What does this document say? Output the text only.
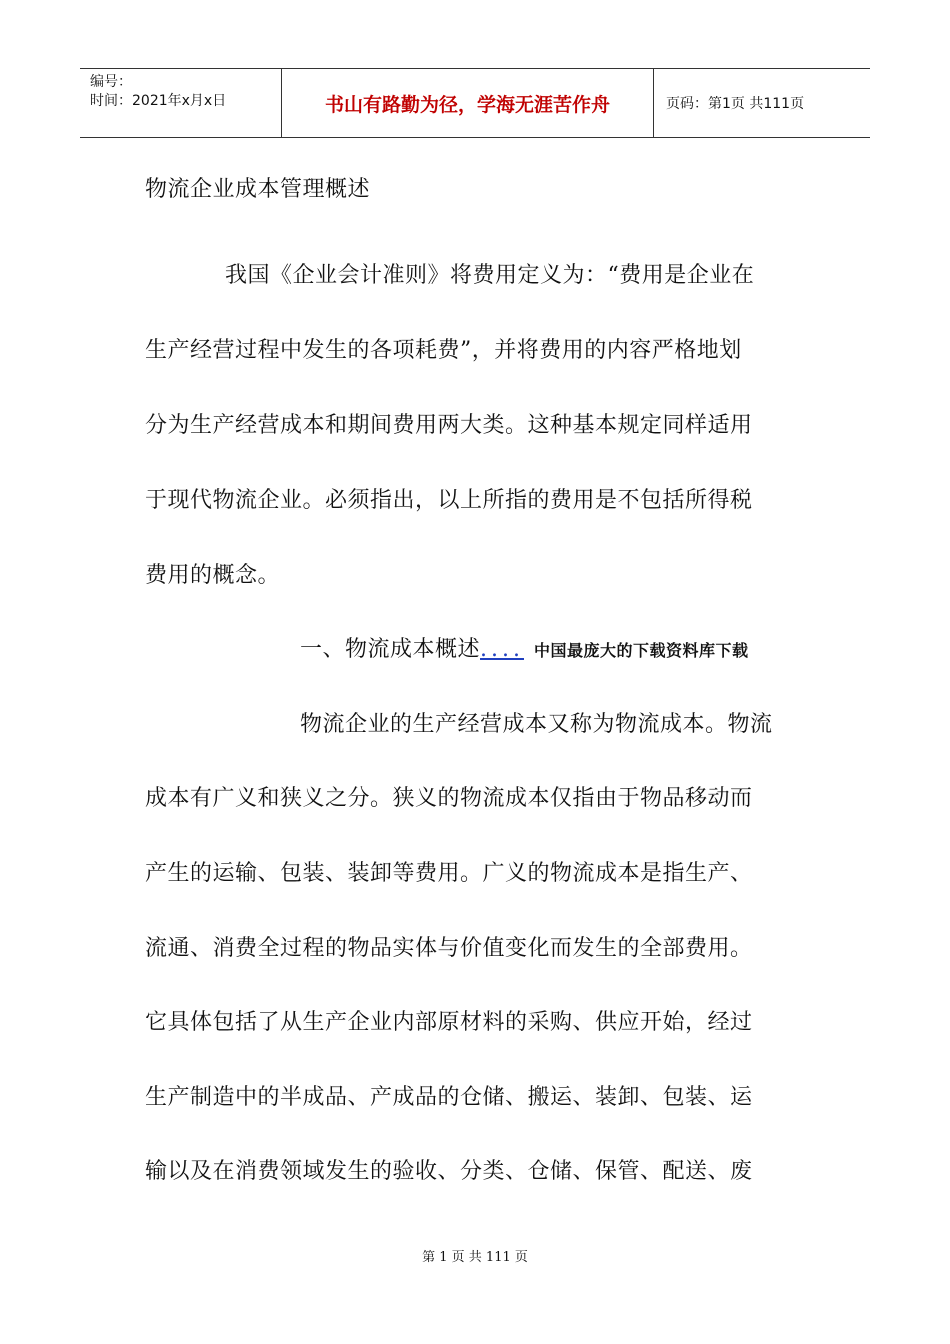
编号：
时间：2021年x月x日	书山有路勤为径，学海无涯苦作舟	页码：第1页 共111页
物流企业成本管理概述
我国《企业会计准则》将费用定义为：“费用是企业在
生产经营过程中发生的各项耗费”，并将费用的内容严格地划
分为生产经营成本和期间费用两大类。这种基本规定同样适用
于现代物流企业。必须指出，以上所指的费用是不包括所得税
费用的概念。
一、物流成本概述.... 中国最庞大的下载资料库下载
物流企业的生产经营成本又称为物流成本。物流
成本有广义和狭义之分。狭义的物流成本仅指由于物品移动而
产生的运输、包装、装卸等费用。广义的物流成本是指生产、
流通、消费全过程的物品实体与价值变化而发生的全部费用。
它具体包括了从生产企业内部原材料的采购、供应开始，经过
生产制造中的半成品、产成品的仓储、搬运、装卸、包装、运
输以及在消费领域发生的验收、分类、仓储、保管、配送、废
第 1 页 共 111 页
